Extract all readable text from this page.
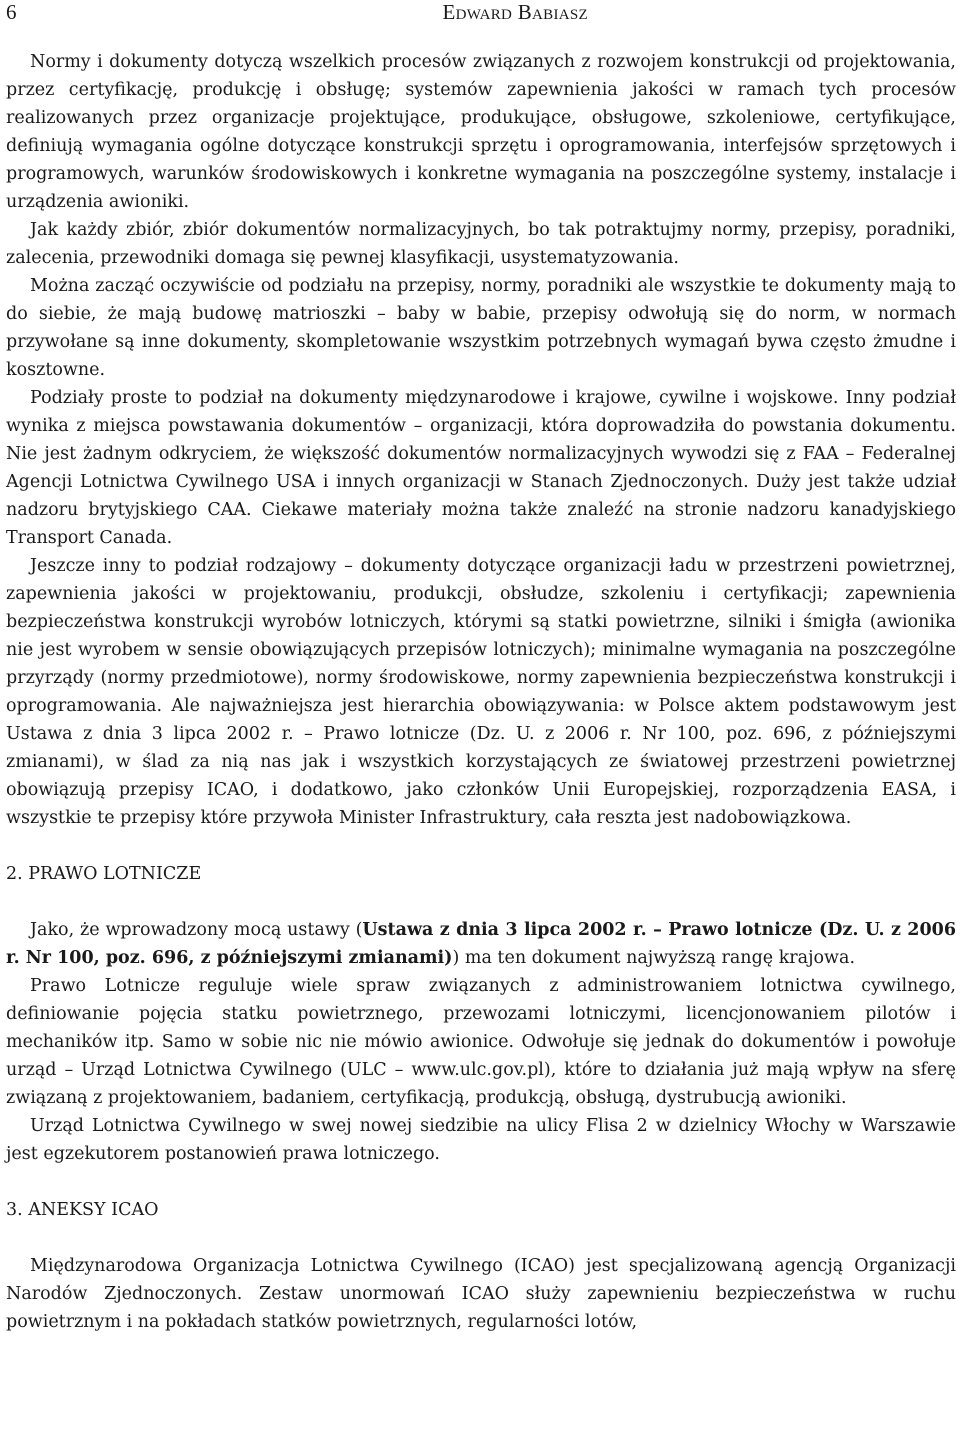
6	Edward Babiasz

Normy i dokumenty dotyczą wszelkich procesów związanych z rozwojem konstrukcji od projektowania, przez certyfikację, produkcję i obsługę; systemów zapewnienia jakości w ramach tych procesów realizowanych przez organizacje projektujące, produkujące, obsługowe, szkoleniowe, certyfikujące, definiują wymagania ogólne dotyczące konstrukcji sprzętu i oprogramowania, interfejsów sprzętowych i programowych, warunków środowiskowych i konkretne wymagania na poszczególne systemy, instalacje i urządzenia awioniki.

Jak każdy zbiór, zbiór dokumentów normalizacyjnych, bo tak potraktujmy normy, przepisy, poradniki, zalecenia, przewodniki domaga się pewnej klasyfikacji, usystematyzowania.

Można zacząć oczywiście od podziału na przepisy, normy, poradniki ale wszystkie te dokumenty mają to do siebie, że mają budowę matrioszki – baby w babie, przepisy odwołują się do norm, w normach przywołane są inne dokumenty, skompletowanie wszystkim potrzebnych wymagań bywa często żmudne i kosztowne.

Podziały proste to podział na dokumenty międzynarodowe i krajowe, cywilne i wojskowe. Inny podział wynika z miejsca powstawania dokumentów – organizacji, która doprowadziła do powstania dokumentu. Nie jest żadnym odkryciem, że większość dokumentów normalizacyjnych wywodzi się z FAA – Federalnej Agencji Lotnictwa Cywilnego USA i innych organizacji w Stanach Zjednoczonych. Duży jest także udział nadzoru brytyjskiego CAA. Ciekawe materiały można także znaleźć na stronie nadzoru kanadyjskiego Transport Canada.

Jeszcze inny to podział rodzajowy – dokumenty dotyczące organizacji ładu w przestrzeni powietrznej, zapewnienia jakości w projektowaniu, produkcji, obsłudze, szkoleniu i certyfikacji; zapewnienia bezpieczeństwa konstrukcji wyrobów lotniczych, którymi są statki powietrzne, silniki i śmigła (awionika nie jest wyrobem w sensie obowiązujących przepisów lotniczych); minimalne wymagania na poszczególne przyrządy (normy przedmiotowe), normy środowiskowe, normy zapewnienia bezpieczeństwa konstrukcji i oprogramowania. Ale najważniejsza jest hierarchia obowiązywania: w Polsce aktem podstawowym jest Ustawa z dnia 3 lipca 2002 r. – Prawo lotnicze (Dz. U. z 2006 r. Nr 100, poz. 696, z późniejszymi zmianami), w ślad za nią nas jak i wszystkich korzystających ze światowej przestrzeni powietrznej obowiązują przepisy ICAO, i dodatkowo, jako członków Unii Europejskiej, rozporządzenia EASA, i wszystkie te przepisy które przywoła Minister Infrastruktury, cała reszta jest nadobowiązkowa.

2. PRAWO LOTNICZE

Jako, że wprowadzony mocą ustawy (Ustawa z dnia 3 lipca 2002 r. – Prawo lotnicze (Dz. U. z 2006 r. Nr 100, poz. 696, z późniejszymi zmianami)) ma ten dokument najwyższą rangę krajowa.

Prawo Lotnicze reguluje wiele spraw związanych z administrowaniem lotnictwa cywilnego, definiowanie pojęcia statku powietrznego, przewozami lotniczymi, licencjonowaniem pilotów i mechaników itp. Samo w sobie nic nie mówio awionice. Odwołuje się jednak do dokumentów i powołuje urząd – Urząd Lotnictwa Cywilnego (ULC – www.ulc.gov.pl), które to działania już mają wpływ na sferę związaną z projektowaniem, badaniem, certyfikacją, produkcją, obsługą, dystrubucją awioniki.

Urząd Lotnictwa Cywilnego w swej nowej siedzibie na ulicy Flisa 2 w dzielnicy Włochy w Warszawie jest egzekutorem postanowień prawa lotniczego.

3. ANEKSY ICAO

Międzynarodowa Organizacja Lotnictwa Cywilnego (ICAO) jest specjalizowaną agencją Organizacji Narodów Zjednoczonych. Zestaw unormowań ICAO służy zapewnieniu bezpieczeństwa w ruchu powietrznym i na pokładach statków powietrznych, regularności lotów,
